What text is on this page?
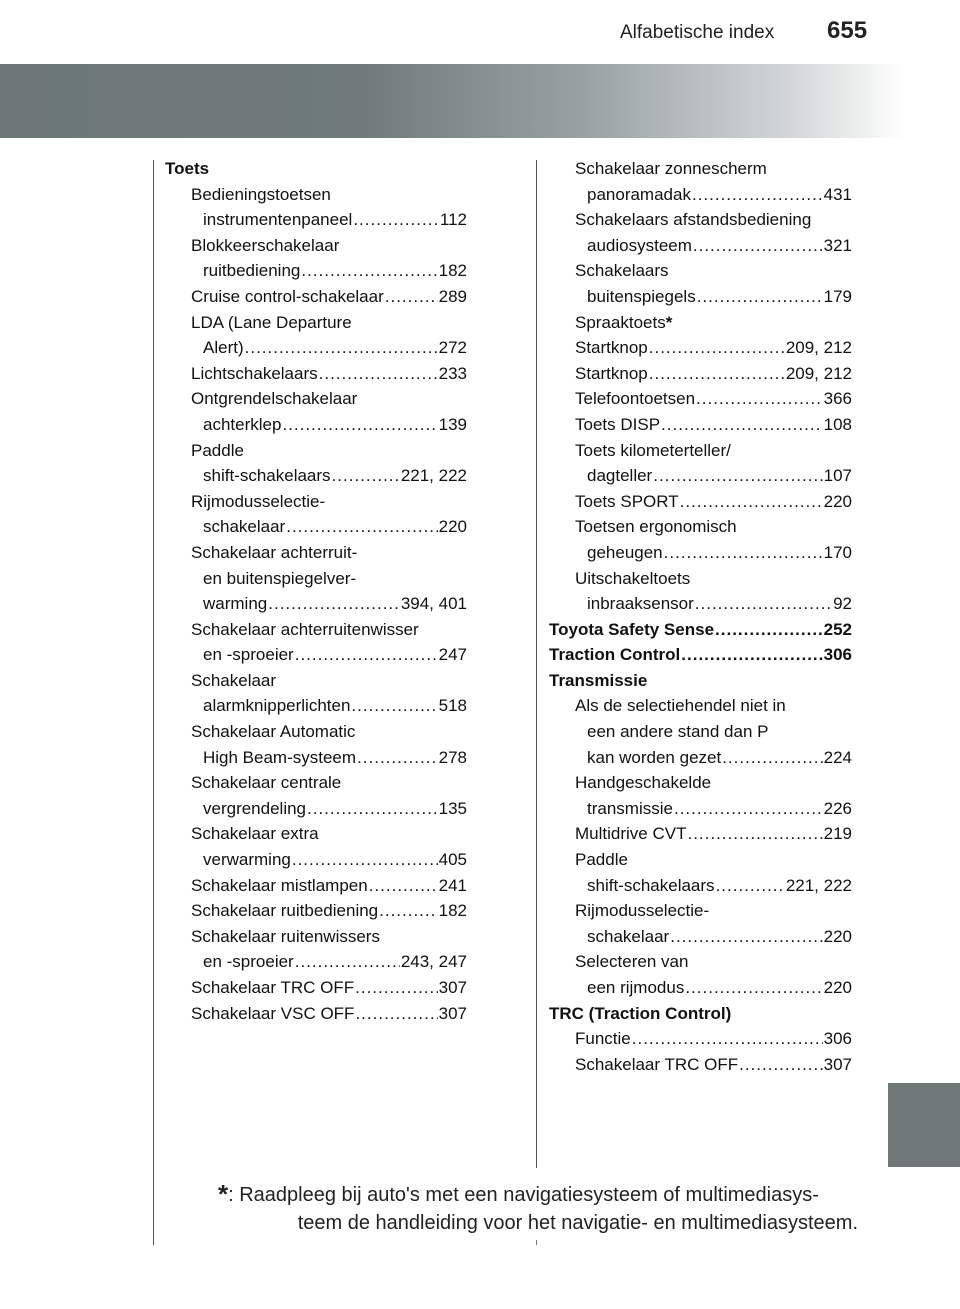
Alfabetische index 655
Toets
Bedieningstoetsen
instrumentenpaneel .....	112
Blokkeerschakelaar
ruitbediening .....	182
Cruise control-schakelaar .....	289
LDA (Lane Departure
Alert) .....	272
Lichtschakelaars .....	233
Ontgrendelschakelaar
achterklep .....	139
Paddle
shift-schakelaars .....	221, 222
Rijmodusselectie-
schakelaar .....	220
Schakelaar achterruit-
en buitenspiegelver-
warming .....	394, 401
Schakelaar achterruitenwisser
en -sproeier .....	247
Schakelaar
alarmknipperlichten .....	518
Schakelaar Automatic
High Beam-systeem .....	278
Schakelaar centrale
vergrendeling .....	135
Schakelaar extra
verwarming .....	405
Schakelaar mistlampen .....	241
Schakelaar ruitbediening .....	182
Schakelaar ruitenwissers
en -sproeier .....	243, 247
Schakelaar TRC OFF .....	307
Schakelaar VSC OFF .....	307
Schakelaar zonnescherm
panoramadak .....	431
Schakelaars afstandsbediening
audiosysteem .....	321
Schakelaars
buitenspiegels .....	179
Spraaktoets *
Startknop .....	209, 212
Startknop .....	209, 212
Telefoontoetsen .....	366
Toets DISP .....	108
Toets kilometerteller/
dagteller .....	107
Toets SPORT .....	220
Toetsen ergonomisch
geheugen .....	170
Uitschakeltoets
inbraaksensor .....	92
Toyota Safety Sense .....	252
Traction Control .....	306
Transmissie
Als de selectiehendel niet in
een andere stand dan P
kan worden gezet .....	224
Handgeschakelde
transmissie .....	226
Multidrive CVT .....	219
Paddle
shift-schakelaars .....	221, 222
Rijmodusselectie-
schakelaar .....	220
Selecteren van
een rijmodus .....	220
TRC (Traction Control)
Functie .....	306
Schakelaar TRC OFF .....	307
*: Raadpleeg bij auto's met een navigatiesysteem of multimediasys-
teem de handleiding voor het navigatie- en multimediasysteem.
